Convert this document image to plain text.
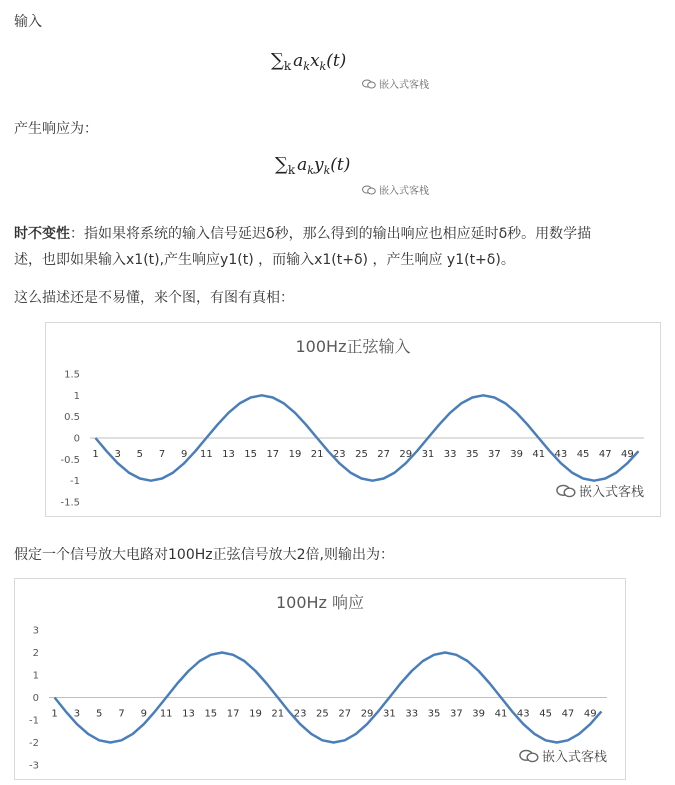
输入
$\sum_k$ $a_kx_k(t)$
嵌入式客栈
产生响应为：
$\sum_k$ $a_ky_k(t)$
嵌入式客栈
时不变性：指如果将系统的输入信号延迟δ秒，那么得到的输出响应也相应延时δ秒。用数学描
述，也即如果输入x1(t),产生响应y1(t) ，而输入x1(t+δ) ，产生响应 y1(t+δ)。
这么描述还是不易懂，来个图，有图有真相：
100Hz正弦输入
1.5
1
0.5
0
-0.5
-1
-1.5
1 3 5 7 9 11 13 15 17 19 21 23 25 27 29 31 33 35 37 39 41 43 45 47 49
嵌入式客栈
假定一个信号放大电路对100Hz正弦信号放大2倍,则输出为：
100Hz 响应
3
2
1
0
-1
-2
-3
1 3 5 7 9 11 13 15 17 19 21 23 25 27 29 31 33 35 37 39 41 43 45 47 49
嵌入式客栈
